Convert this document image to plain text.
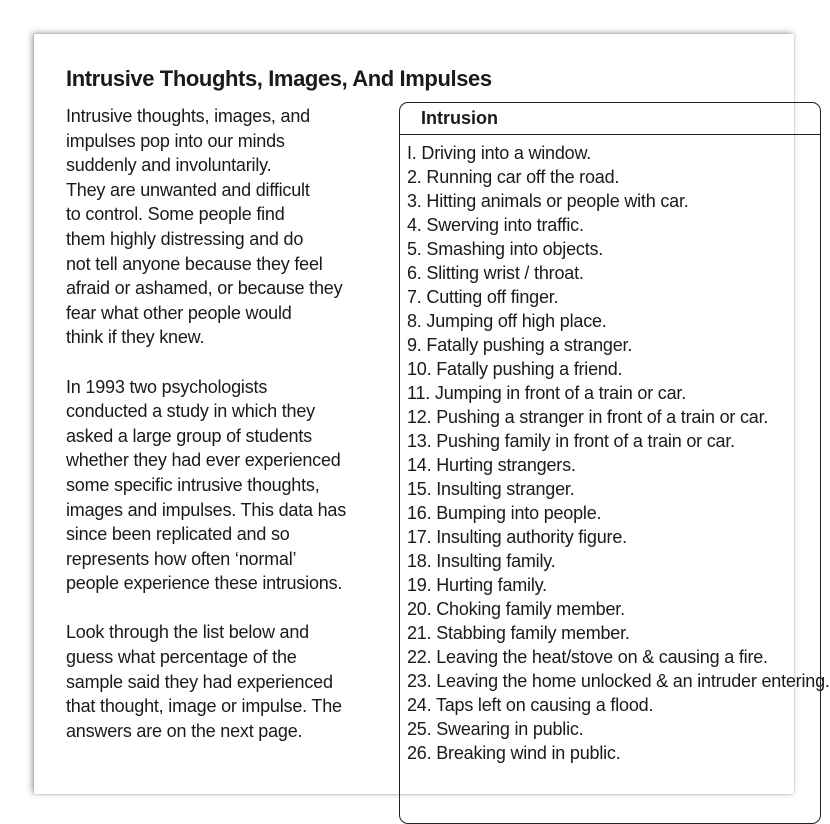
Intrusive Thoughts, Images, And Impulses

Intrusive thoughts, images, and
impulses pop into our minds
suddenly and involuntarily.
They are unwanted and difficult
to control. Some people find
them highly distressing and do
not tell anyone because they feel
afraid or ashamed, or because they
fear what other people would
think if they knew.

In 1993 two psychologists
conducted a study in which they
asked a large group of students
whether they had ever experienced
some specific intrusive thoughts,
images and impulses. This data has
since been replicated and so
represents how often ‘normal’
people experience these intrusions.

Look through the list below and
guess what percentage of the
sample said they had experienced
that thought, image or impulse. The
answers are on the next page.

Intrusion
I. Driving into a window.
2. Running car off the road.
3. Hitting animals or people with car.
4. Swerving into traffic.
5. Smashing into objects.
6. Slitting wrist / throat.
7. Cutting off finger.
8. Jumping off high place.
9. Fatally pushing a stranger.
10. Fatally pushing a friend.
11. Jumping in front of a train or car.
12. Pushing a stranger in front of a train or car.
13. Pushing family in front of a train or car.
14. Hurting strangers.
15. Insulting stranger.
16. Bumping into people.
17. Insulting authority figure.
18. Insulting family.
19. Hurting family.
20. Choking family member.
21. Stabbing family member.
22. Leaving the heat/stove on & causing a fire.
23. Leaving the home unlocked & an intruder entering.
24. Taps left on causing a flood.
25. Swearing in public.
26. Breaking wind in public.
